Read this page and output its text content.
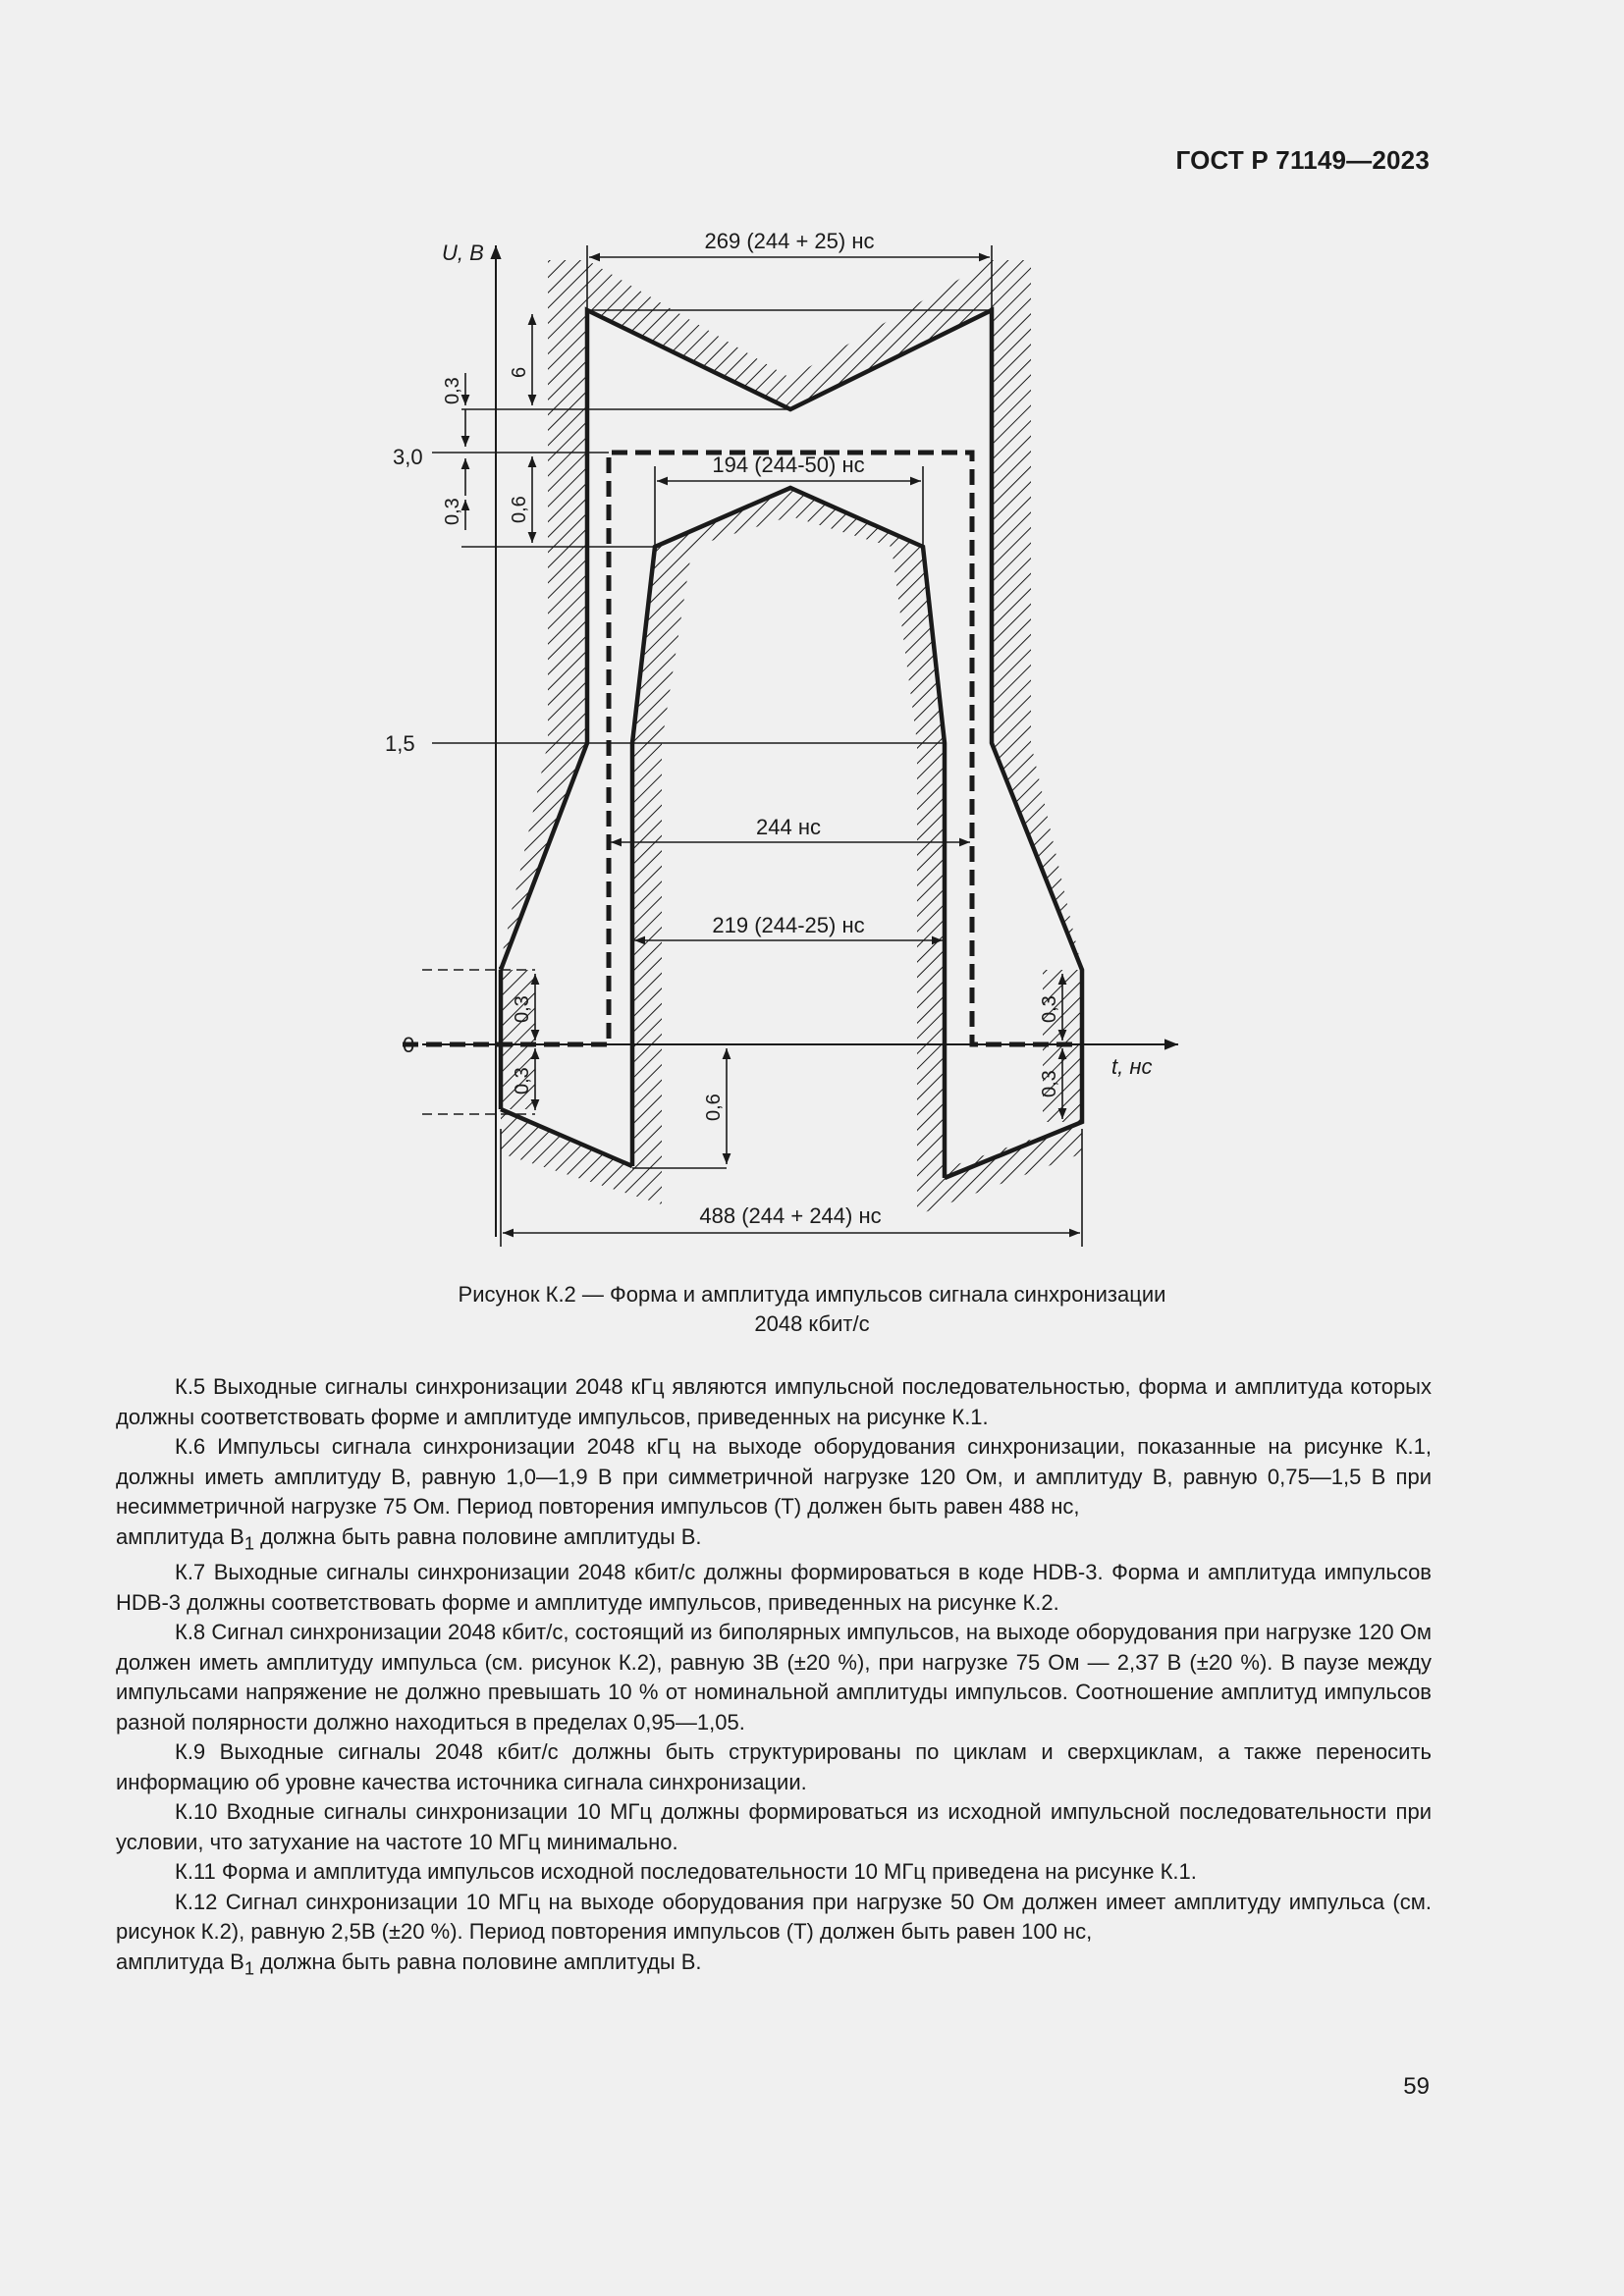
ГОСТ Р 71149—2023
U, В
t, нс
3,0
1,5
0
269 (244 + 25) нс
194 (244-50) нс
244 нс
219 (244-25) нс
488 (244 + 244) нс
0,3
0,3
6
0,6
0,3
0,3
0,3
0,3
0,6
Рисунок К.2 — Форма и амплитуда импульсов сигнала синхронизации
2048 кбит/с

К.5 Выходные сигналы синхронизации 2048 кГц являются импульсной последовательностью, форма и амплитуда которых должны соответствовать форме и амплитуде импульсов, приведенных на рисунке К.1.

К.6 Импульсы сигнала синхронизации 2048 кГц на выходе оборудования синхронизации, показанные на рисунке К.1, должны иметь амплитуду В, равную 1,0—1,9 В при симметричной нагрузке 120 Ом, и амплитуду В, равную 0,75—1,5 В при несимметричной нагрузке 75 Ом. Период повторения импульсов (Т) должен быть равен 488 нс,
амплитуда $В_1$ должна быть равна половине амплитуды В.

К.7 Выходные сигналы синхронизации 2048 кбит/с должны формироваться в коде HDB-3. Форма и амплитуда импульсов HDB-3 должны соответствовать форме и амплитуде импульсов, приведенных на рисунке К.2.

К.8 Сигнал синхронизации 2048 кбит/с, состоящий из биполярных импульсов, на выходе оборудования при нагрузке 120 Ом должен иметь амплитуду импульса (см. рисунок К.2), равную 3В (±20 %), при нагрузке 75 Ом — 2,37 В (±20 %). В паузе между импульсами напряжение не должно превышать 10 % от номинальной амплитуды импульсов. Соотношение амплитуд импульсов разной полярности должно находиться в пределах 0,95—1,05.

К.9 Выходные сигналы 2048 кбит/с должны быть структурированы по циклам и сверхциклам, а также переносить информацию об уровне качества источника сигнала синхронизации.

К.10 Входные сигналы синхронизации 10 МГц должны формироваться из исходной импульсной последовательности при условии, что затухание на частоте 10 МГц минимально.

К.11 Форма и амплитуда импульсов исходной последовательности 10 МГц приведена на рисунке К.1.

К.12 Сигнал синхронизации 10 МГц на выходе оборудования при нагрузке 50 Ом должен имеет амплитуду импульса (см. рисунок К.2), равную 2,5В (±20 %). Период повторения импульсов (Т) должен быть равен 100 нс,
амплитуда $В_1$ должна быть равна половине амплитуды В.

59
